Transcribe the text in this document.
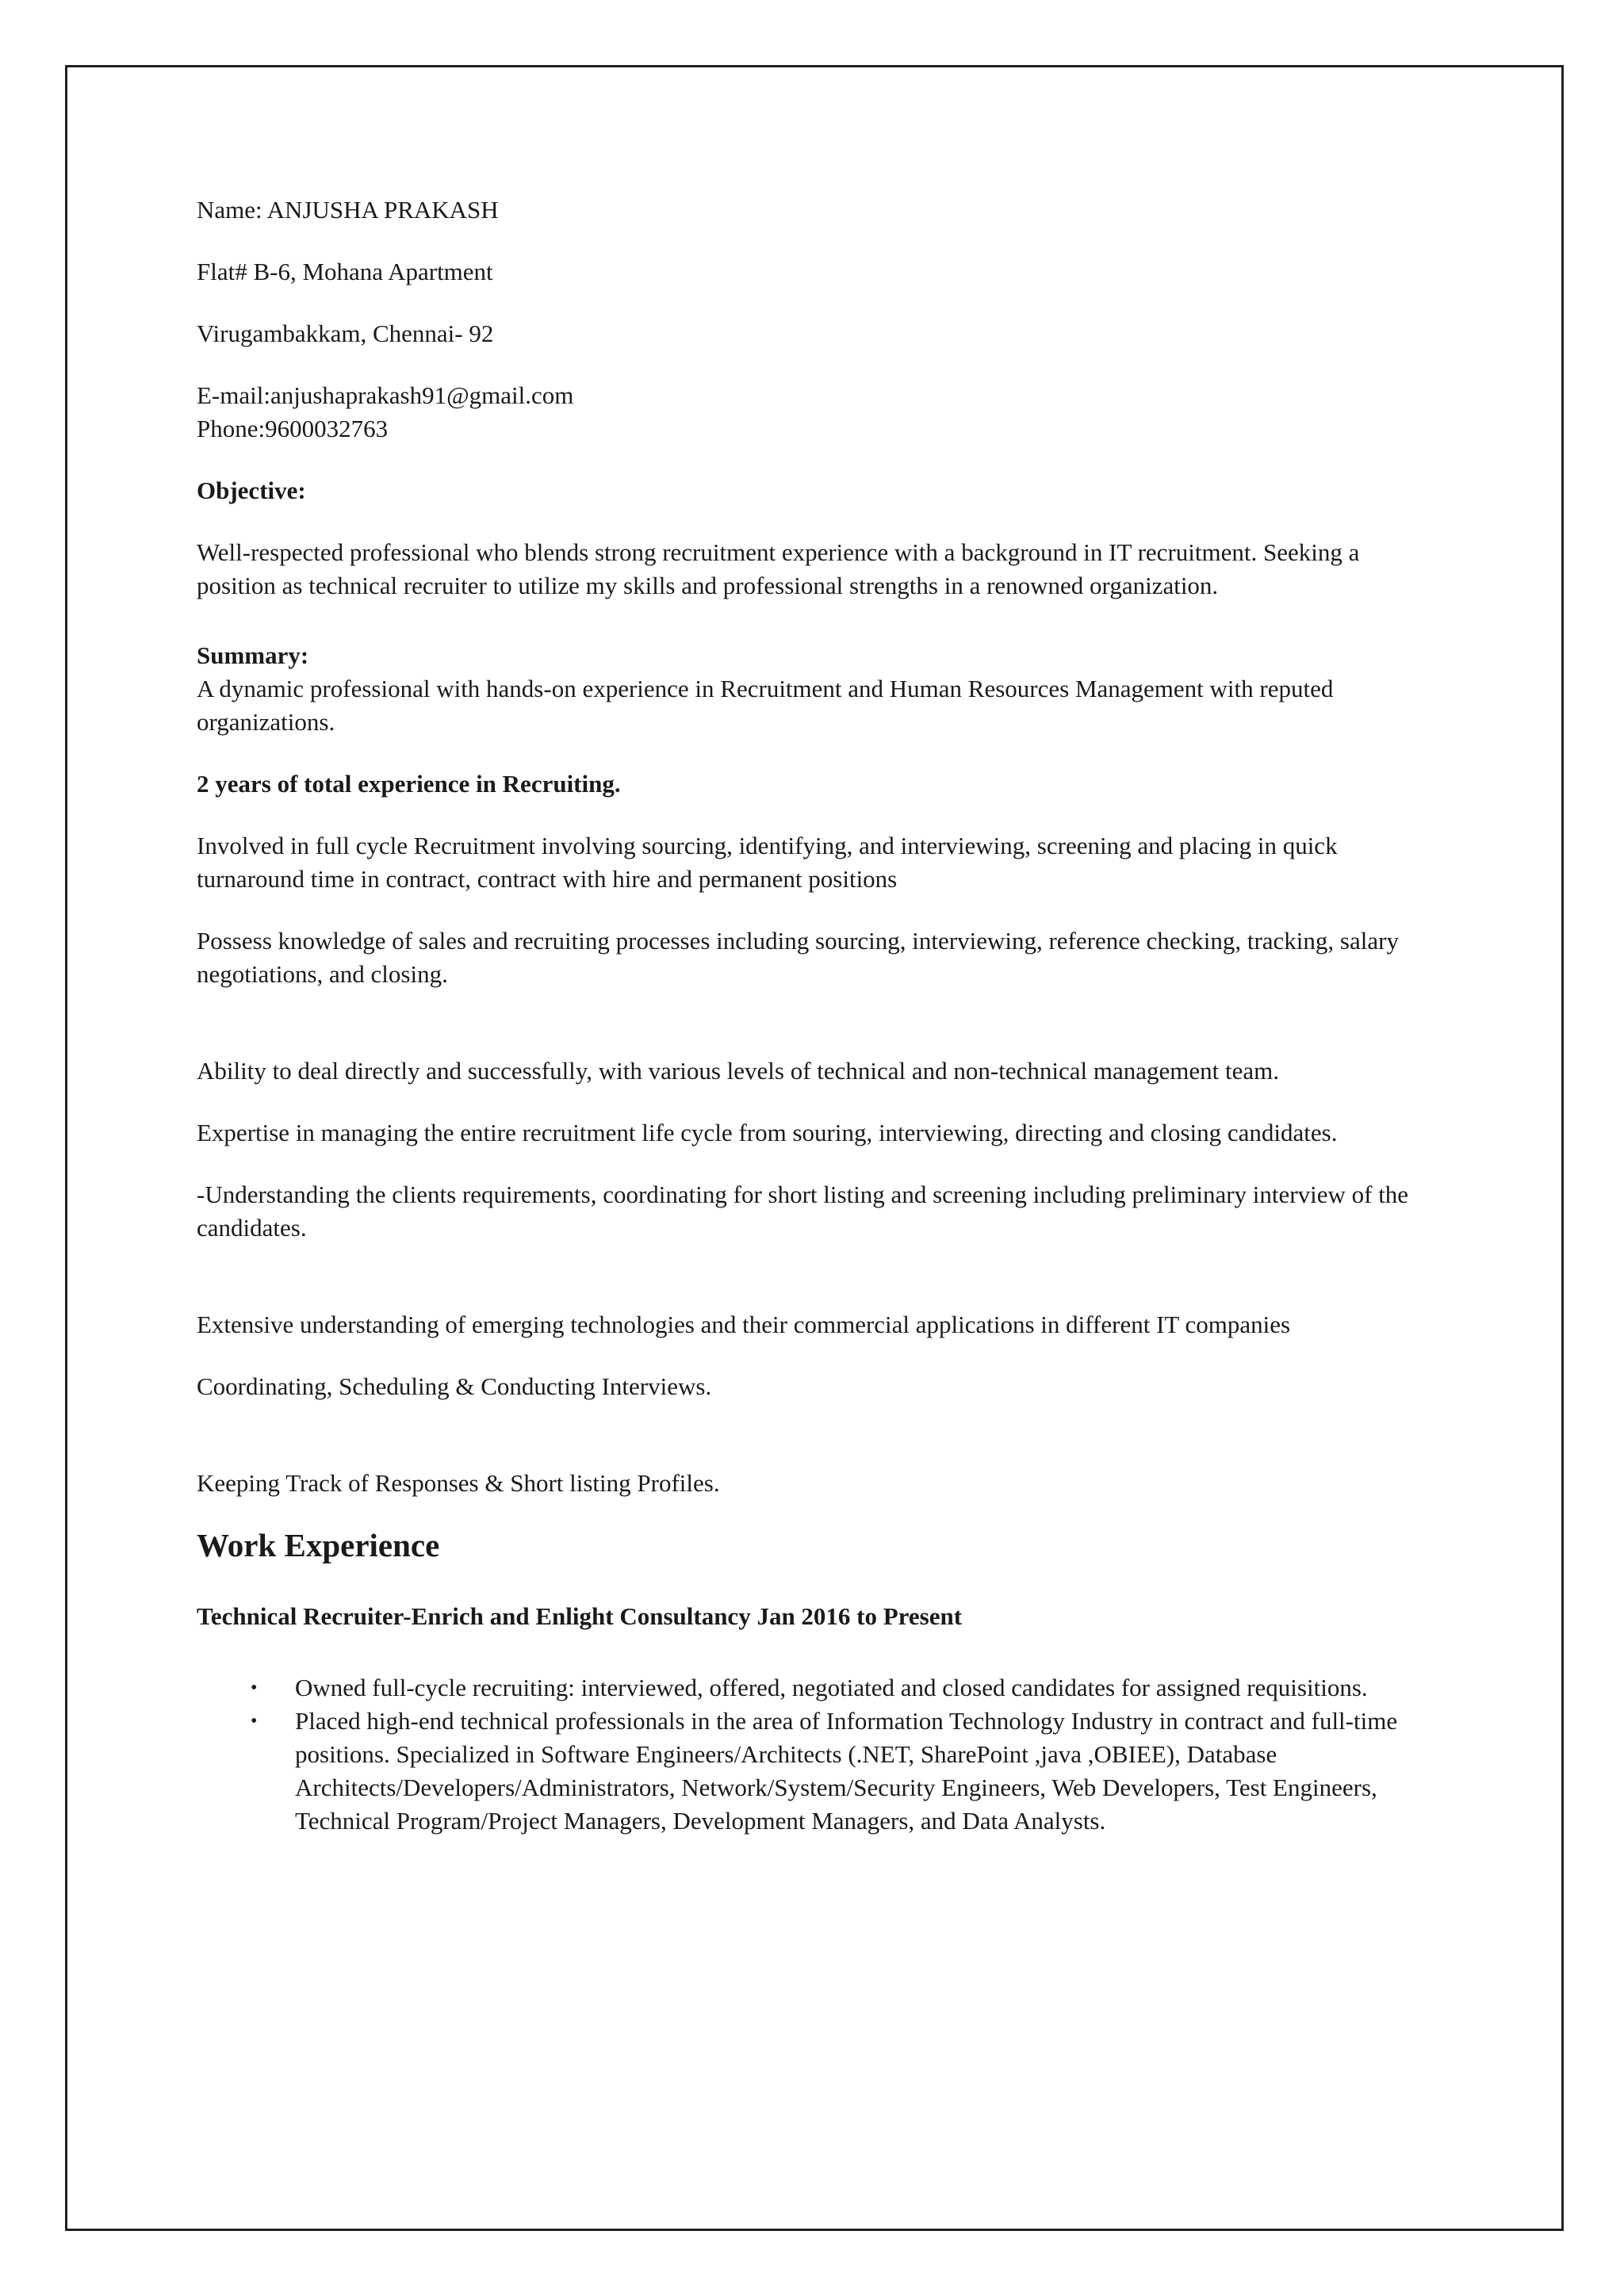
Name: ANJUSHA PRAKASH

Flat# B-6, Mohana Apartment

Virugambakkam, Chennai- 92

E-mail:anjushaprakash91@gmail.com

Phone:9600032763

Objective:

Well-respected professional who blends strong recruitment experience with a background in IT recruitment. Seeking a position as technical recruiter to utilize my skills and professional strengths in a renowned organization.

Summary:

A dynamic professional with hands-on experience in Recruitment and Human Resources Management with reputed organizations.

2 years of total experience in Recruiting.

Involved in full cycle Recruitment involving sourcing, identifying, and interviewing, screening and placing in quick turnaround time in contract, contract with hire and permanent positions

Possess knowledge of sales and recruiting processes including sourcing, interviewing, reference checking, tracking, salary negotiations, and closing.

Ability to deal directly and successfully, with various levels of technical and non-technical management team.

Expertise in managing the entire recruitment life cycle from souring, interviewing, directing and closing candidates.

-Understanding the clients requirements, coordinating for short listing and screening including preliminary interview of the candidates.

Extensive understanding of emerging technologies and their commercial applications in different IT companies

Coordinating, Scheduling & Conducting Interviews.

Keeping Track of Responses & Short listing Profiles.

Work Experience

Technical Recruiter-Enrich and Enlight Consultancy Jan 2016 to Present

• Owned full-cycle recruiting: interviewed, offered, negotiated and closed candidates for assigned requisitions.
• Placed high-end technical professionals in the area of Information Technology Industry in contract and full-time positions. Specialized in Software Engineers/Architects (.NET, SharePoint ,java ,OBIEE), Database Architects/Developers/Administrators, Network/System/Security Engineers, Web Developers, Test Engineers, Technical Program/Project Managers, Development Managers, and Data Analysts.
